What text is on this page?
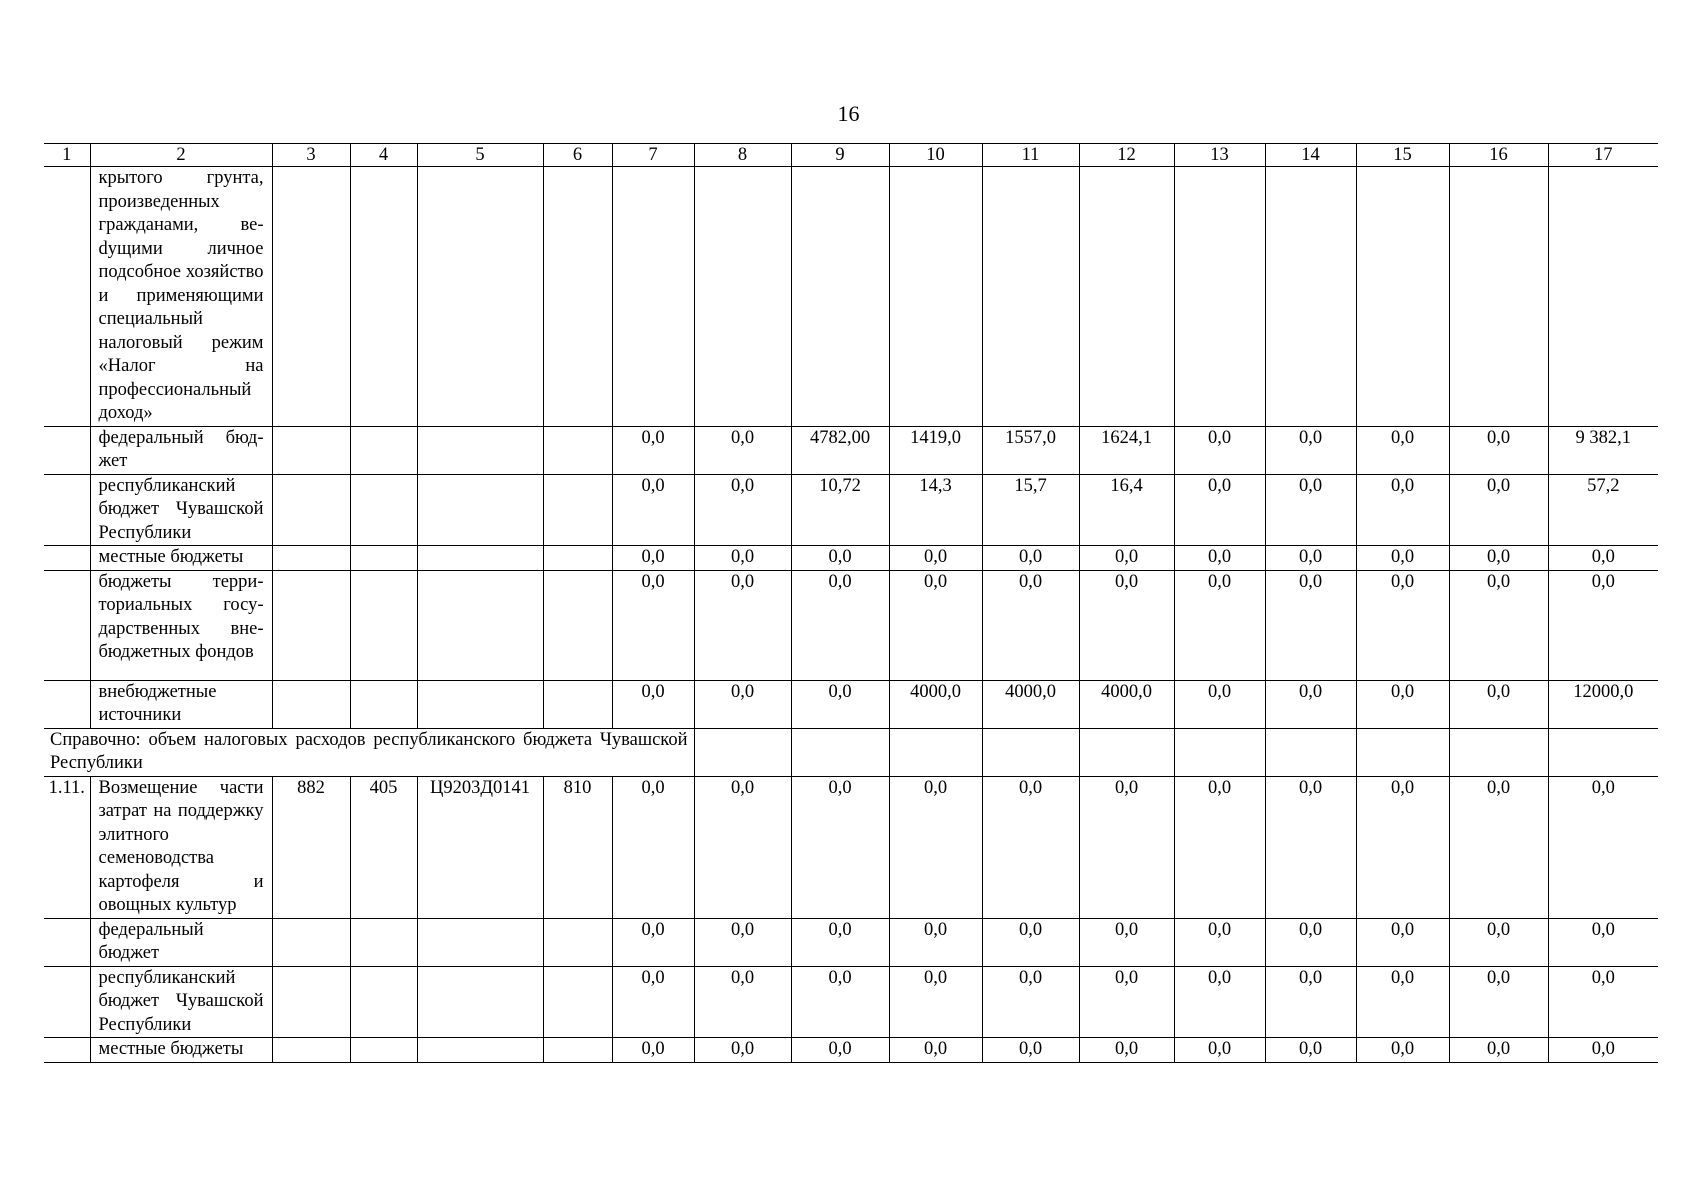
16
1	2	3	4	5	6	7	8	9	10	11	12	13	14	15	16	17
	крытого грунта, произведенных гражданами, веdущими личное подсобное хозяйство и применяющими специальный налоговый режим «Налог на профессиональный доход»															
	федеральный бюджет					0,0	0,0	4782,00	1419,0	1557,0	1624,1	0,0	0,0	0,0	0,0	9 382,1
	республиканский бюджет Чувашской Республики					0,0	0,0	10,72	14,3	15,7	16,4	0,0	0,0	0,0	0,0	57,2
	местные бюджеты					0,0	0,0	0,0	0,0	0,0	0,0	0,0	0,0	0,0	0,0	0,0
	бюджеты территориальных государственных внебюджетных фондов					0,0	0,0	0,0	0,0	0,0	0,0	0,0	0,0	0,0	0,0	0,0
	внебюджетные источники					0,0	0,0	0,0	4000,0	4000,0	4000,0	0,0	0,0	0,0	0,0	12000,0
Справочно: объем налоговых расходов республиканского бюджета Чувашской Республики																
1.11.	Возмещение части затрат на поддержку элитного семеноводства картофеля и овощных культур	882	405	Ц9203Д0141	810	0,0	0,0	0,0	0,0	0,0	0,0	0,0	0,0	0,0	0,0	0,0
	федеральный бюджет					0,0	0,0	0,0	0,0	0,0	0,0	0,0	0,0	0,0	0,0	0,0
	республиканский бюджет Чувашской Республики					0,0	0,0	0,0	0,0	0,0	0,0	0,0	0,0	0,0	0,0	0,0
	местные бюджеты					0,0	0,0	0,0	0,0	0,0	0,0	0,0	0,0	0,0	0,0	0,0
